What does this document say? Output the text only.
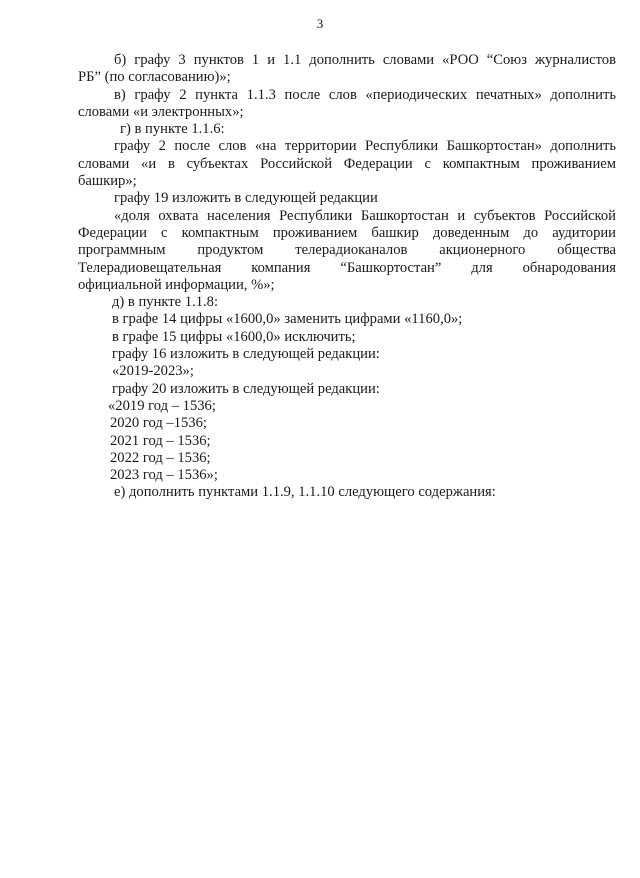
3

б) графу 3 пунктов 1 и 1.1 дополнить словами «РОО “Союз журналистов

РБ” (по согласованию)»;

в) графу 2 пункта 1.1.3 после слов «периодических печатных» дополнить

словами «и электронных»;

г) в пункте 1.1.6:

графу 2 после слов «на территории Республики Башкортостан» дополнить

словами «и в субъектах Российской Федерации с компактным проживанием

башкир»;

графу 19 изложить в следующей редакции

«доля охвата населения Республики Башкортостан и субъектов Российской

Федерации с компактным проживанием башкир доведенным до аудитории

программным продуктом телерадиоканалов акционерного общества

Телерадиовещательная компания “Башкортостан” для обнародования

официальной информации, %»;

д) в пункте 1.1.8:

в графе 14 цифры «1600,0» заменить цифрами «1160,0»;

в графе 15 цифры «1600,0» исключить;

графу 16 изложить в следующей редакции:

«2019-2023»;

графу 20 изложить в следующей редакции:

«2019 год – 1536;

2020 год –1536;

2021 год – 1536;

2022 год – 1536;

2023 год – 1536»;

е) дополнить пунктами 1.1.9, 1.1.10 следующего содержания:
